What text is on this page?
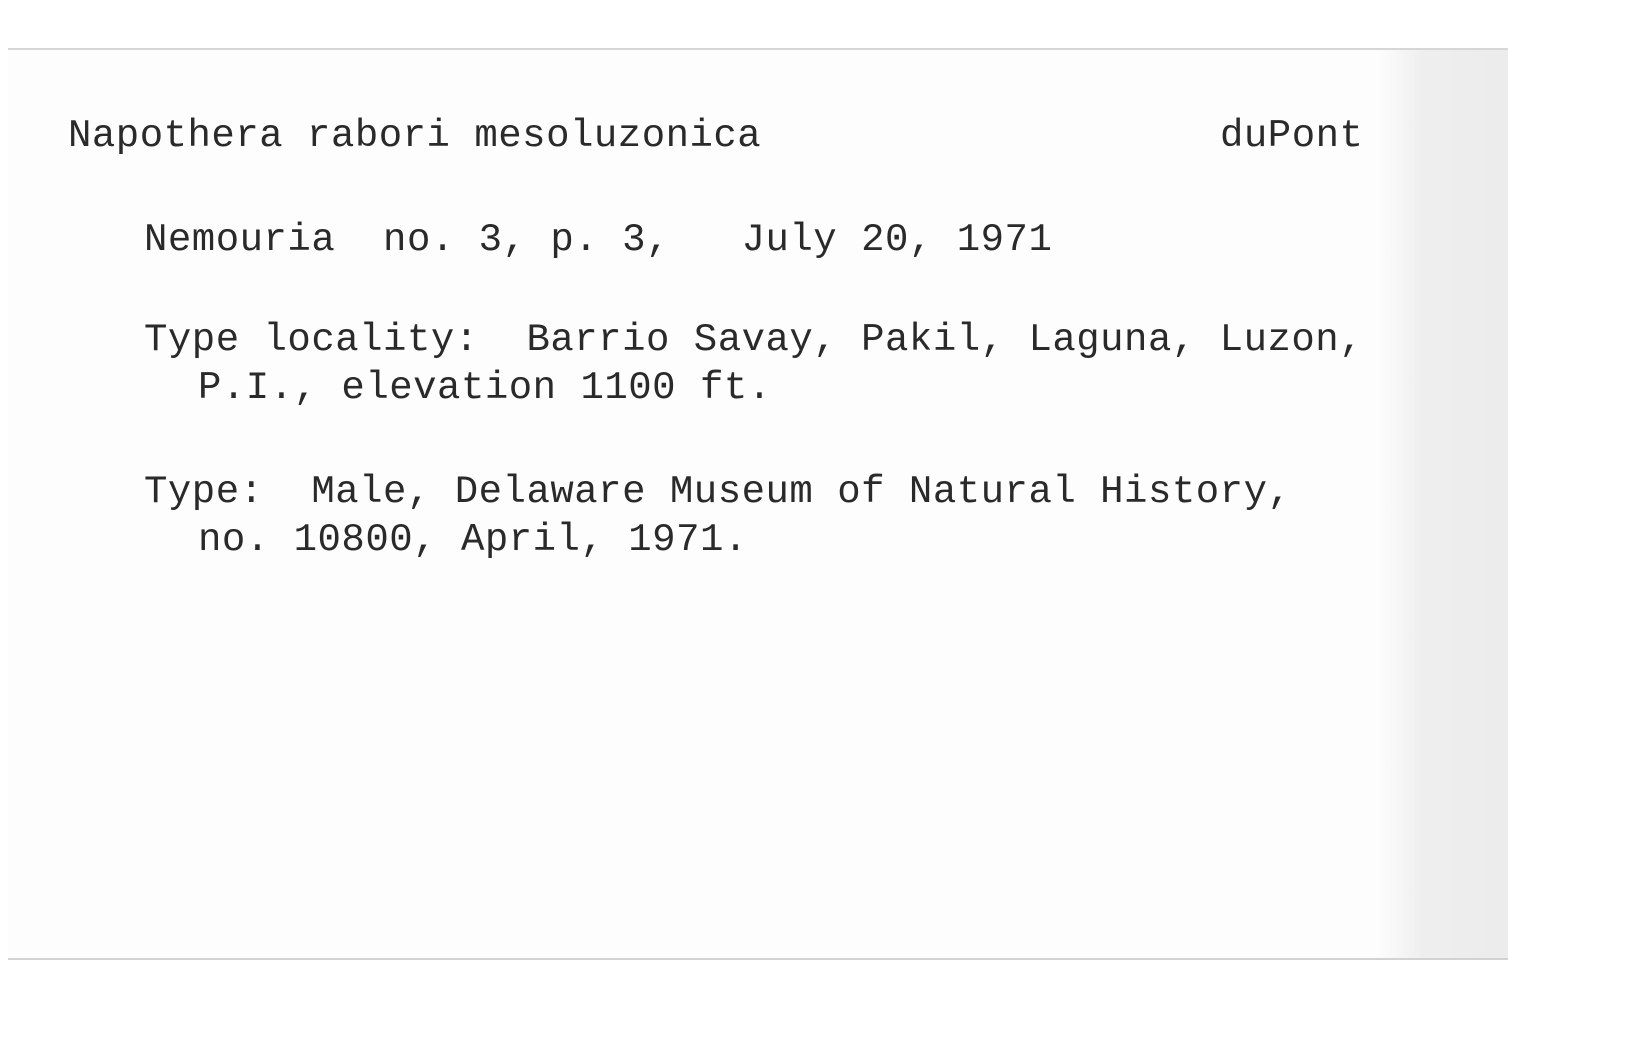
Napothera rabori mesoluzonica	duPont
Nemouria  no. 3, p. 3,   July 20, 1971
Type locality:  Barrio Savay, Pakil, Laguna, Luzon,
P.I., elevation 1100 ft.
Type:  Male, Delaware Museum of Natural History,
no. 10800, April, 1971.
